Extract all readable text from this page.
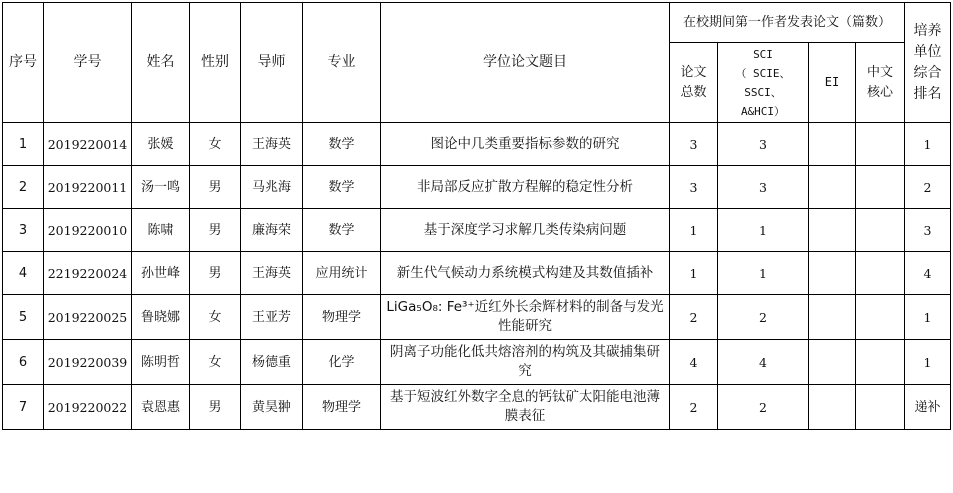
序号	学号	姓名	性别	导师	专业	学位论文题目	在校期间第一作者发表论文（篇数）				培养单位综合排名

							论文总数	SCI
（ SCIE、
SSCI、
A&HCI）	EI	中文核心	

1	2019220014	张媛	女	王海英	数学	图论中几类重要指标参数的研究	3	3			1
2	2019220011	汤一鸣	男	马兆海	数学	非局部反应扩散方程解的稳定性分析	3	3			2
3	2019220010	陈啸	男	廉海荣	数学	基于深度学习求解几类传染病问题	1	1			3
4	2219220024	孙世峰	男	王海英	应用统计	新生代气候动力系统模式构建及其数值插补	1	1			4
5	2019220025	鲁晓娜	女	王亚芳	物理学	LiGa₅O₈: Fe³⁺近红外长余辉材料的制备与发光性能研究	2	2			1
6	2019220039	陈明哲	女	杨德重	化学	阴离子功能化低共熔溶剂的构筑及其碳捕集研究	4	4			1
7	2019220022	袁恩惠	男	黄昊翀	物理学	基于短波红外数字全息的钙钛矿太阳能电池薄膜表征	2	2			递补
